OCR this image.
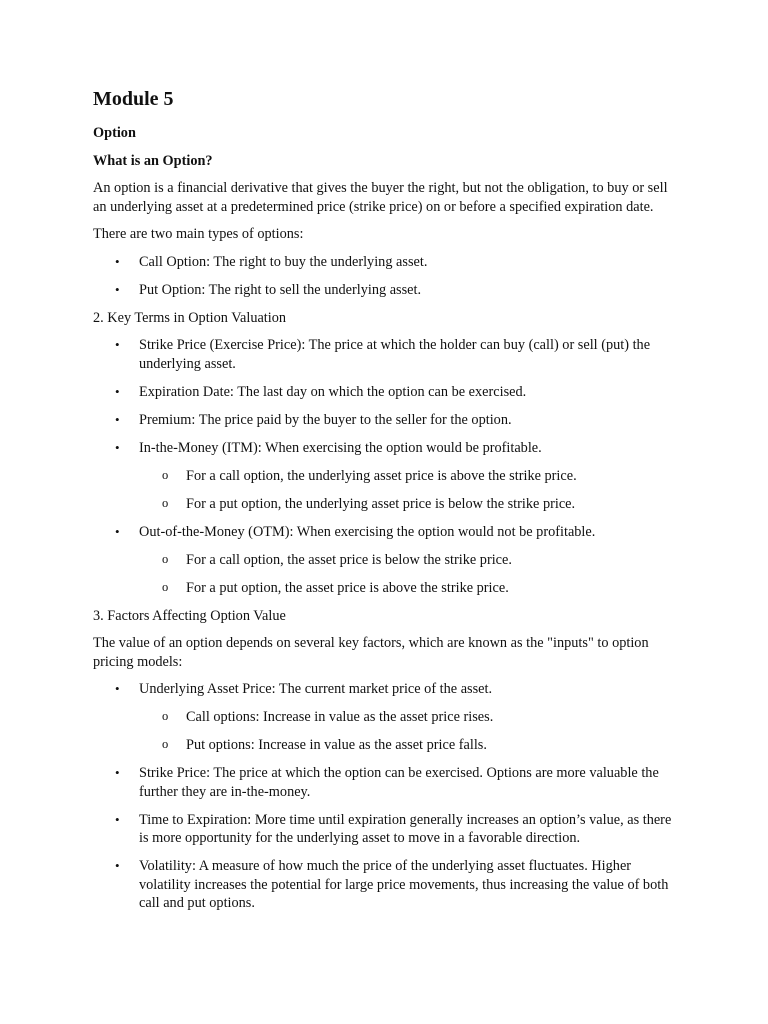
Module 5
Option
What is an Option?

An option is a financial derivative that gives the buyer the right, but not the obligation, to buy or sell an underlying asset at a predetermined price (strike price) on or before a specified expiration date.

There are two main types of options:

• Call Option: The right to buy the underlying asset.
• Put Option: The right to sell the underlying asset.

2. Key Terms in Option Valuation

• Strike Price (Exercise Price): The price at which the holder can buy (call) or sell (put) the underlying asset.
• Expiration Date: The last day on which the option can be exercised.
• Premium: The price paid by the buyer to the seller for the option.
• In-the-Money (ITM): When exercising the option would be profitable.
o For a call option, the underlying asset price is above the strike price.
o For a put option, the underlying asset price is below the strike price.
• Out-of-the-Money (OTM): When exercising the option would not be profitable.
o For a call option, the asset price is below the strike price.
o For a put option, the asset price is above the strike price.

3. Factors Affecting Option Value

The value of an option depends on several key factors, which are known as the "inputs" to option pricing models:

• Underlying Asset Price: The current market price of the asset.
o Call options: Increase in value as the asset price rises.
o Put options: Increase in value as the asset price falls.
• Strike Price: The price at which the option can be exercised. Options are more valuable the further they are in-the-money.
• Time to Expiration: More time until expiration generally increases an option’s value, as there is more opportunity for the underlying asset to move in a favorable direction.
• Volatility: A measure of how much the price of the underlying asset fluctuates. Higher volatility increases the potential for large price movements, thus increasing the value of both call and put options.
